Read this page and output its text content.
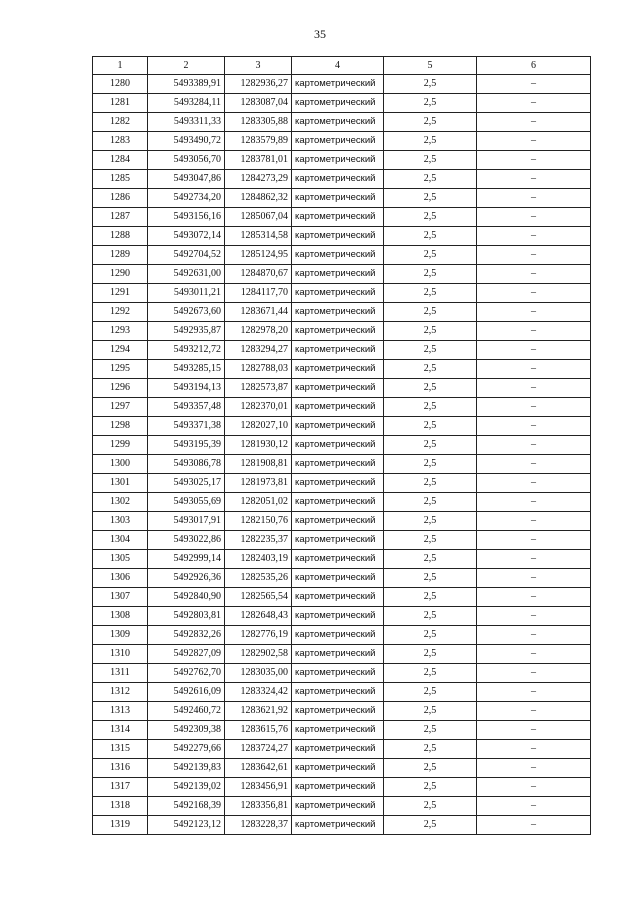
35
1	2	3	4	5	6
1280	5493389,91	1282936,27	картометрический	2,5	–
1281	5493284,11	1283087,04	картометрический	2,5	–
1282	5493311,33	1283305,88	картометрический	2,5	–
1283	5493490,72	1283579,89	картометрический	2,5	–
1284	5493056,70	1283781,01	картометрический	2,5	–
1285	5493047,86	1284273,29	картометрический	2,5	–
1286	5492734,20	1284862,32	картометрический	2,5	–
1287	5493156,16	1285067,04	картометрический	2,5	–
1288	5493072,14	1285314,58	картометрический	2,5	–
1289	5492704,52	1285124,95	картометрический	2,5	–
1290	5492631,00	1284870,67	картометрический	2,5	–
1291	5493011,21	1284117,70	картометрический	2,5	–
1292	5492673,60	1283671,44	картометрический	2,5	–
1293	5492935,87	1282978,20	картометрический	2,5	–
1294	5493212,72	1283294,27	картометрический	2,5	–
1295	5493285,15	1282788,03	картометрический	2,5	–
1296	5493194,13	1282573,87	картометрический	2,5	–
1297	5493357,48	1282370,01	картометрический	2,5	–
1298	5493371,38	1282027,10	картометрический	2,5	–
1299	5493195,39	1281930,12	картометрический	2,5	–
1300	5493086,78	1281908,81	картометрический	2,5	–
1301	5493025,17	1281973,81	картометрический	2,5	–
1302	5493055,69	1282051,02	картометрический	2,5	–
1303	5493017,91	1282150,76	картометрический	2,5	–
1304	5493022,86	1282235,37	картометрический	2,5	–
1305	5492999,14	1282403,19	картометрический	2,5	–
1306	5492926,36	1282535,26	картометрический	2,5	–
1307	5492840,90	1282565,54	картометрический	2,5	–
1308	5492803,81	1282648,43	картометрический	2,5	–
1309	5492832,26	1282776,19	картометрический	2,5	–
1310	5492827,09	1282902,58	картометрический	2,5	–
1311	5492762,70	1283035,00	картометрический	2,5	–
1312	5492616,09	1283324,42	картометрический	2,5	–
1313	5492460,72	1283621,92	картометрический	2,5	–
1314	5492309,38	1283615,76	картометрический	2,5	–
1315	5492279,66	1283724,27	картометрический	2,5	–
1316	5492139,83	1283642,61	картометрический	2,5	–
1317	5492139,02	1283456,91	картометрический	2,5	–
1318	5492168,39	1283356,81	картометрический	2,5	–
1319	5492123,12	1283228,37	картометрический	2,5	–
